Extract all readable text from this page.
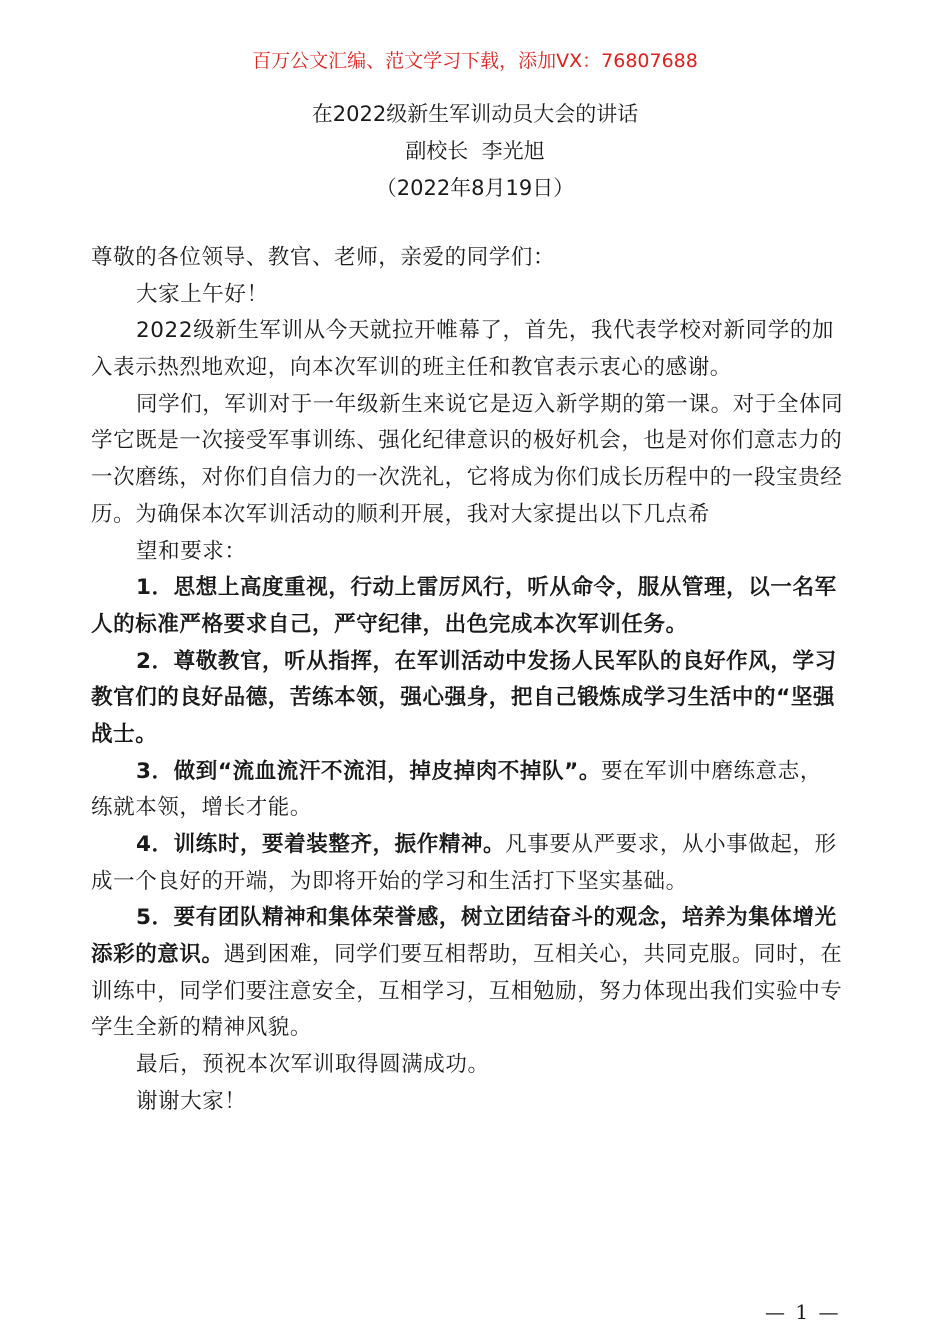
百万公文汇编、范文学习下载，添加VX：76807688
在2022级新生军训动员大会的讲话
副校长  李光旭
（2022年8月19日）
尊敬的各位领导、教官、老师，亲爱的同学们：
大家上午好！
2022级新生军训从今天就拉开帷幕了，首先，我代表学校对新同学的加
入表示热烈地欢迎，向本次军训的班主任和教官表示衷心的感谢。
同学们，军训对于一年级新生来说它是迈入新学期的第一课。对于全体同
学它既是一次接受军事训练、强化纪律意识的极好机会，也是对你们意志力的
一次磨练，对你们自信力的一次洗礼，它将成为你们成长历程中的一段宝贵经
历。为确保本次军训活动的顺利开展，我对大家提出以下几点希
望和要求：
1．思想上高度重视，行动上雷厉风行，听从命令，服从管理，以一名军
人的标准严格要求自己，严守纪律，出色完成本次军训任务。
2．尊敬教官，听从指挥，在军训活动中发扬人民军队的良好作风，学习
教官们的良好品德，苦练本领，强心强身，把自己锻炼成学习生活中的“坚强
战士。
3．做到“流血流汗不流泪，掉皮掉肉不掉队”。要在军训中磨练意志，
练就本领，增长才能。
4．训练时，要着装整齐，振作精神。凡事要从严要求，从小事做起，形
成一个良好的开端，为即将开始的学习和生活打下坚实基础。
5．要有团队精神和集体荣誉感，树立团结奋斗的观念，培养为集体增光
添彩的意识。遇到困难，同学们要互相帮助，互相关心，共同克服。同时，在
训练中，同学们要注意安全，互相学习，互相勉励，努力体现出我们实验中专
学生全新的精神风貌。
最后，预祝本次军训取得圆满成功。
谢谢大家！
— 1 —
